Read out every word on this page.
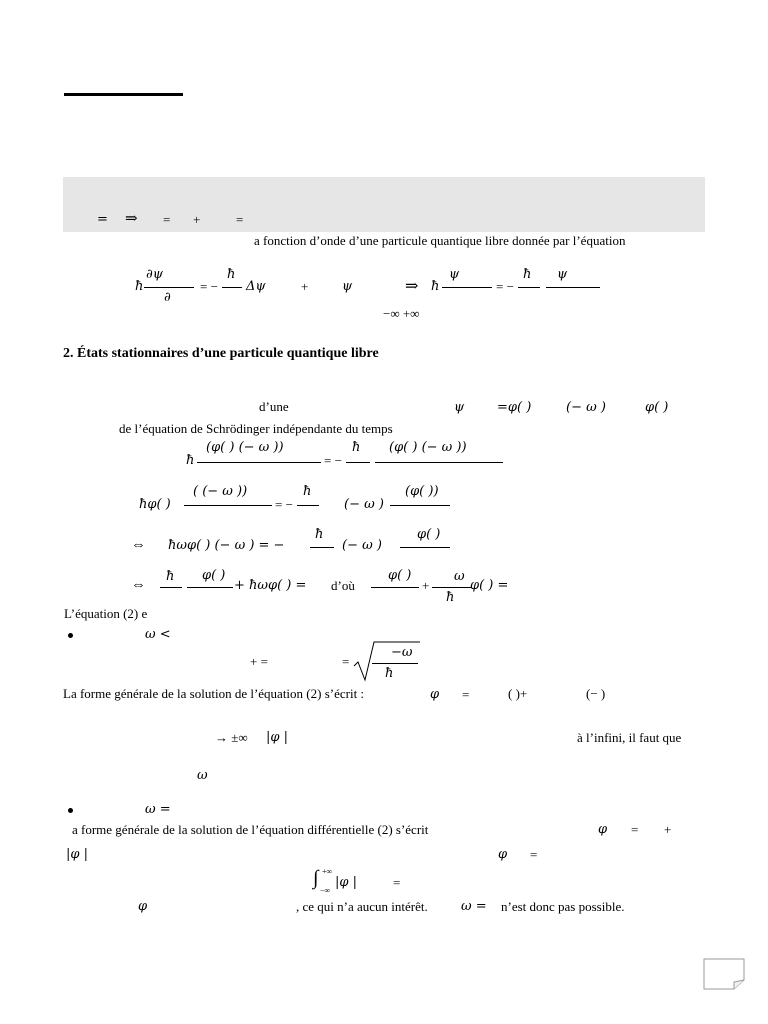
= ⇒ = +	=
a fonction d’onde d’une particule quantique libre donnée par l’équation
ħ
∂ψ
∂
= −
ħ
Δψ	+	ψ	⇒ ħ
ψ
= −
ħ ψ
−∞ +∞
2. États stationnaires d’une particule quantique libre
d’une	ψ	=φ( )	(− ω )	φ( )
de l’équation de Schrödinger indépendante du temps
ħ
(φ( ) (− ω ))
= −
ħ (φ( ) (− ω ))
ħφ( )
( (− ω ))
= −
ħ
(− ω )
(φ( ))
⇔ ħωφ( ) (− ω ) = −
ħ
(− ω )
φ( )
⇔
ħ φ( )
+ ħωφ( ) = d’où
φ( )
+
ω
ħ
φ( ) =
L’équation (2) e
ω <
+ =	=
−ω
ħ
La forme générale de la solution de l’équation (2) s’écrit :	φ =	( )+	(− )
→ ±∞ |φ |	à l’infini, il faut que
ω
ω =
a forme générale de la solution de l’équation différentielle (2) s’écrit	φ = +
|φ |	φ =
∫ +∞
−∞
|φ |	=
φ	, ce qui n’a aucun intérêt.	ω = n’est donc pas possible.
